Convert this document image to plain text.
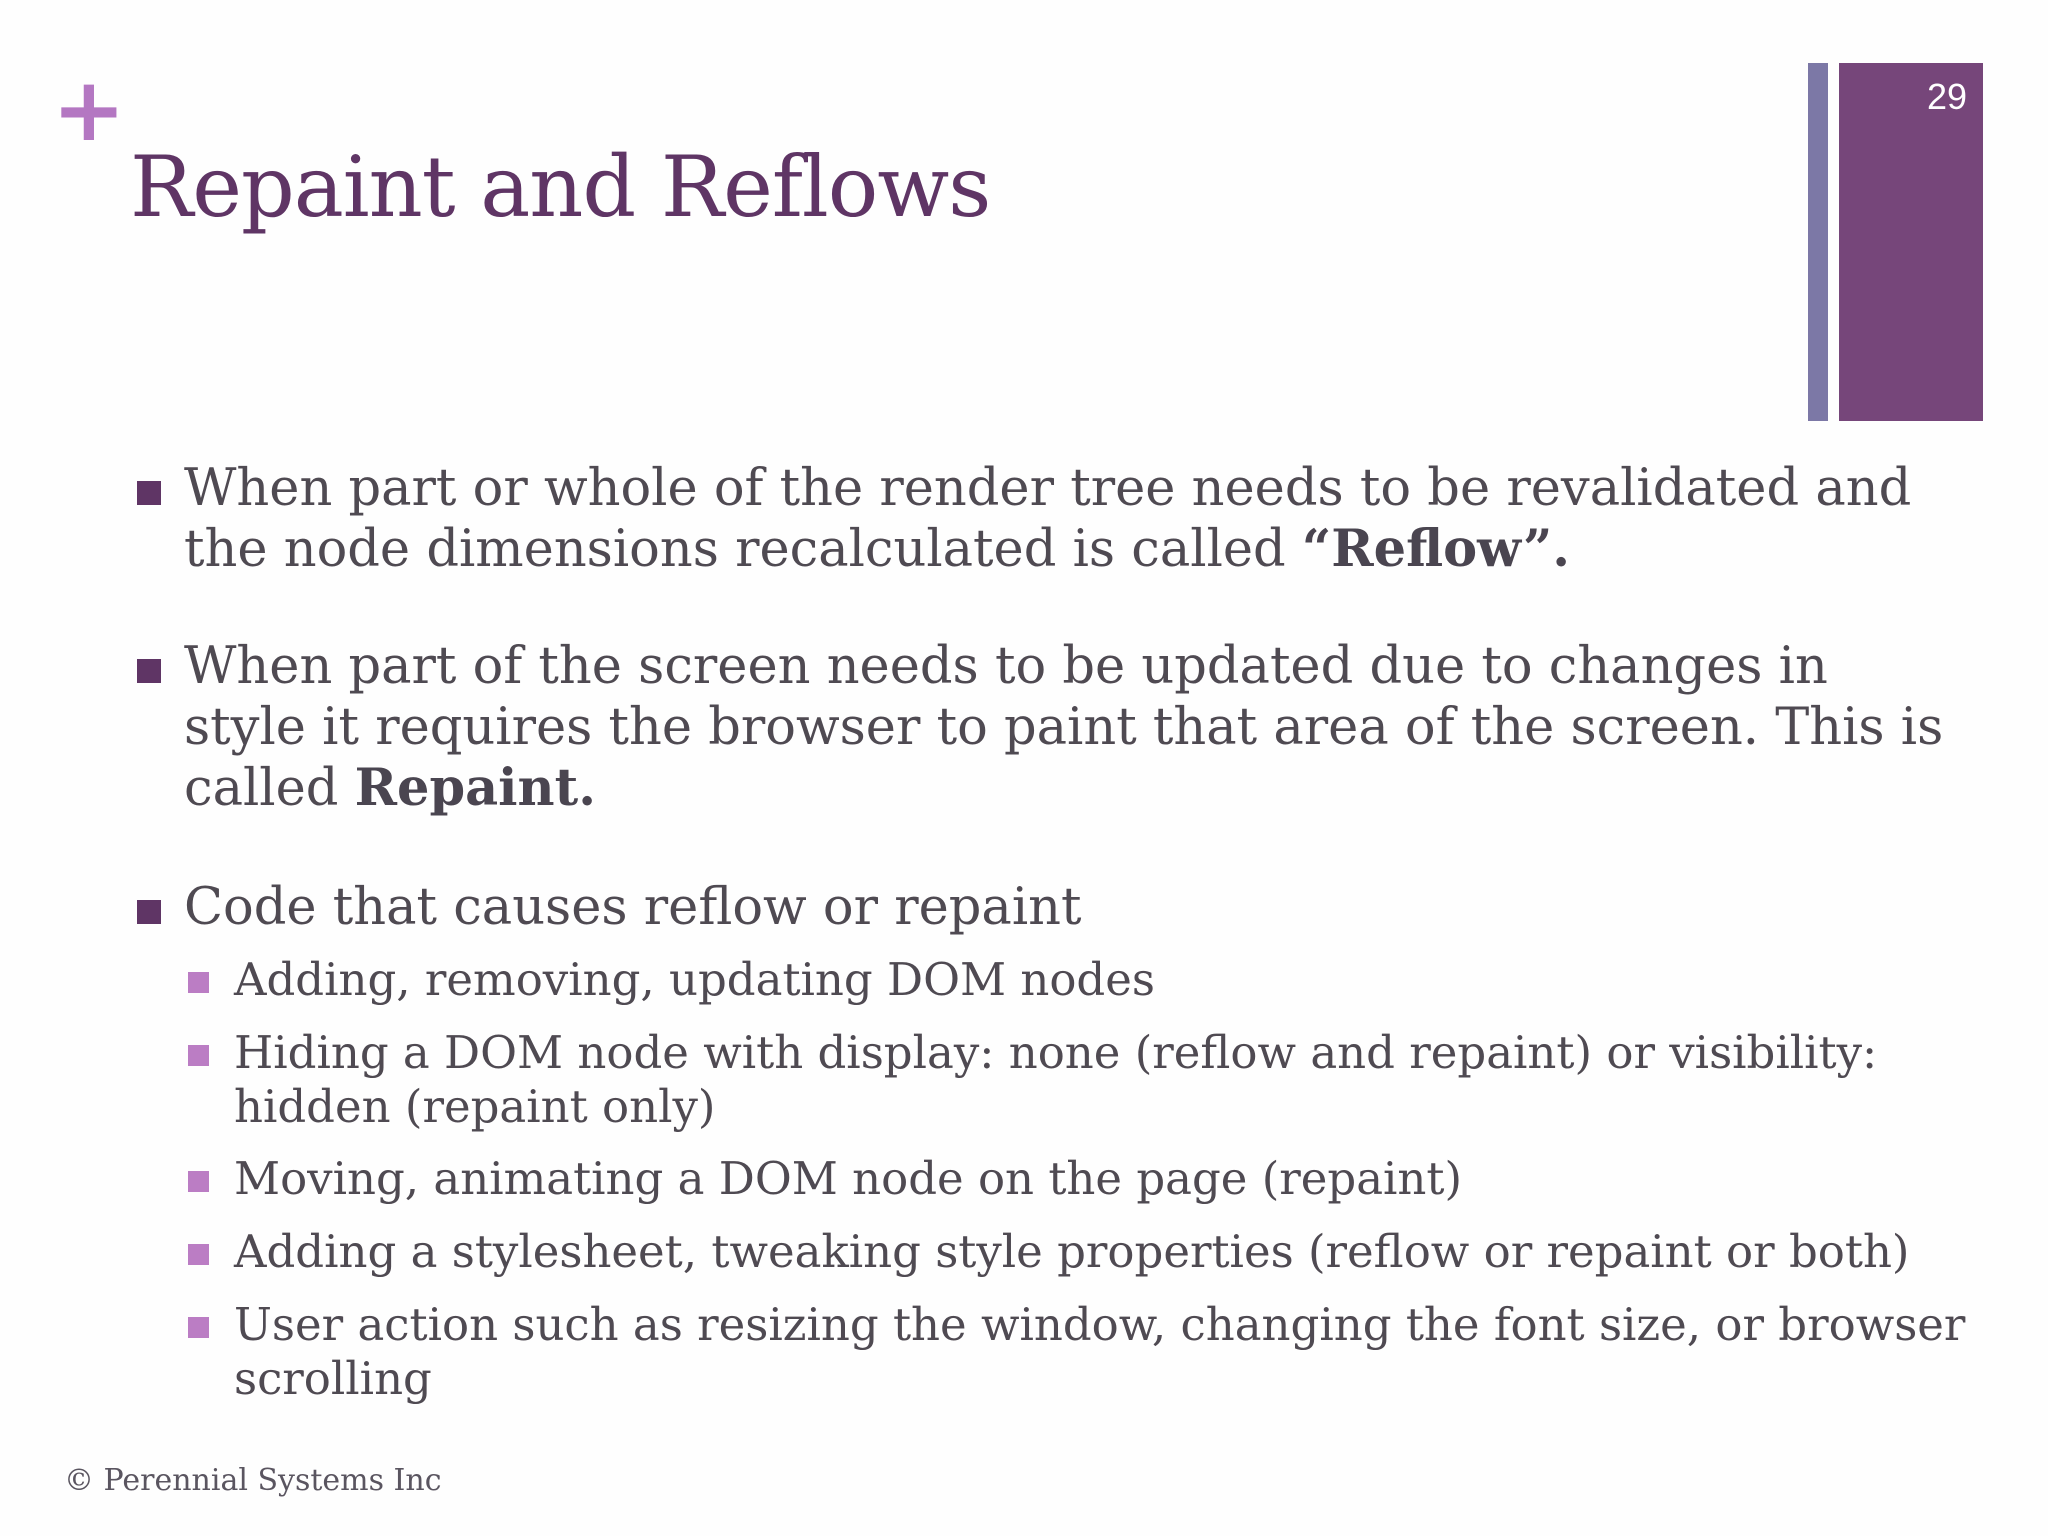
+
Repaint and Reflows
29
When part or whole of the render tree needs to be revalidated and the node dimensions recalculated is called “Reflow”.
When part of the screen needs to be updated due to changes in style it requires the browser to paint that area of the screen. This is called Repaint.
Code that causes reflow or repaint
Adding, removing, updating DOM nodes
Hiding a DOM node with display: none (reflow and repaint) or visibility: hidden (repaint only)
Moving, animating a DOM node on the page (repaint)
Adding a stylesheet, tweaking style properties (reflow or repaint or both)
User action such as resizing the window, changing the font size, or browser scrolling
© Perennial Systems Inc
